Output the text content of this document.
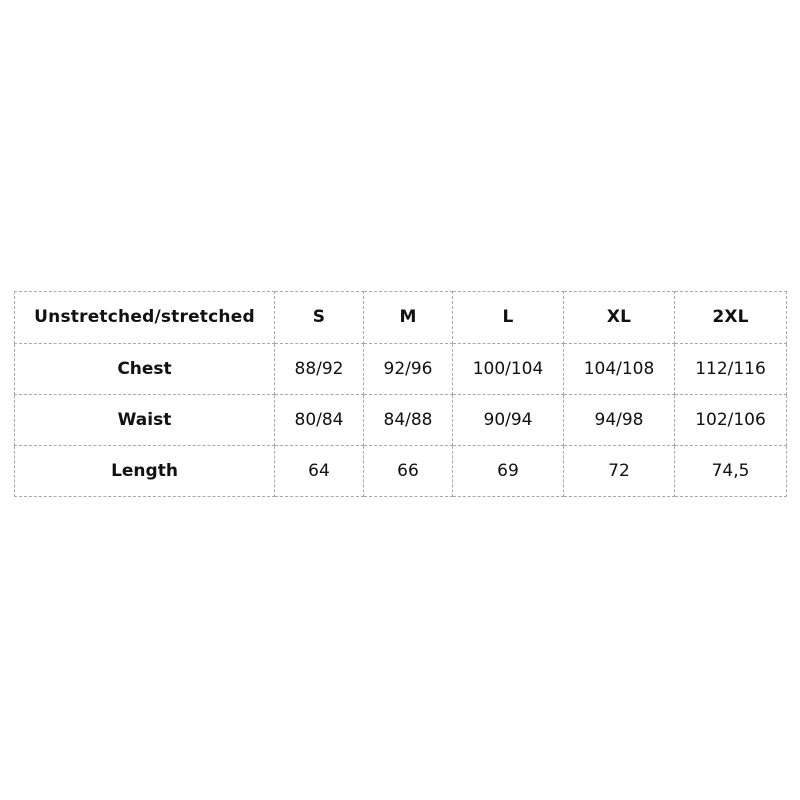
Unstretched/stretched	S	M	L	XL	2XL
Chest	88/92	92/96	100/104	104/108	112/116
Waist	80/84	84/88	90/94	94/98	102/106
Length	64	66	69	72	74,5
